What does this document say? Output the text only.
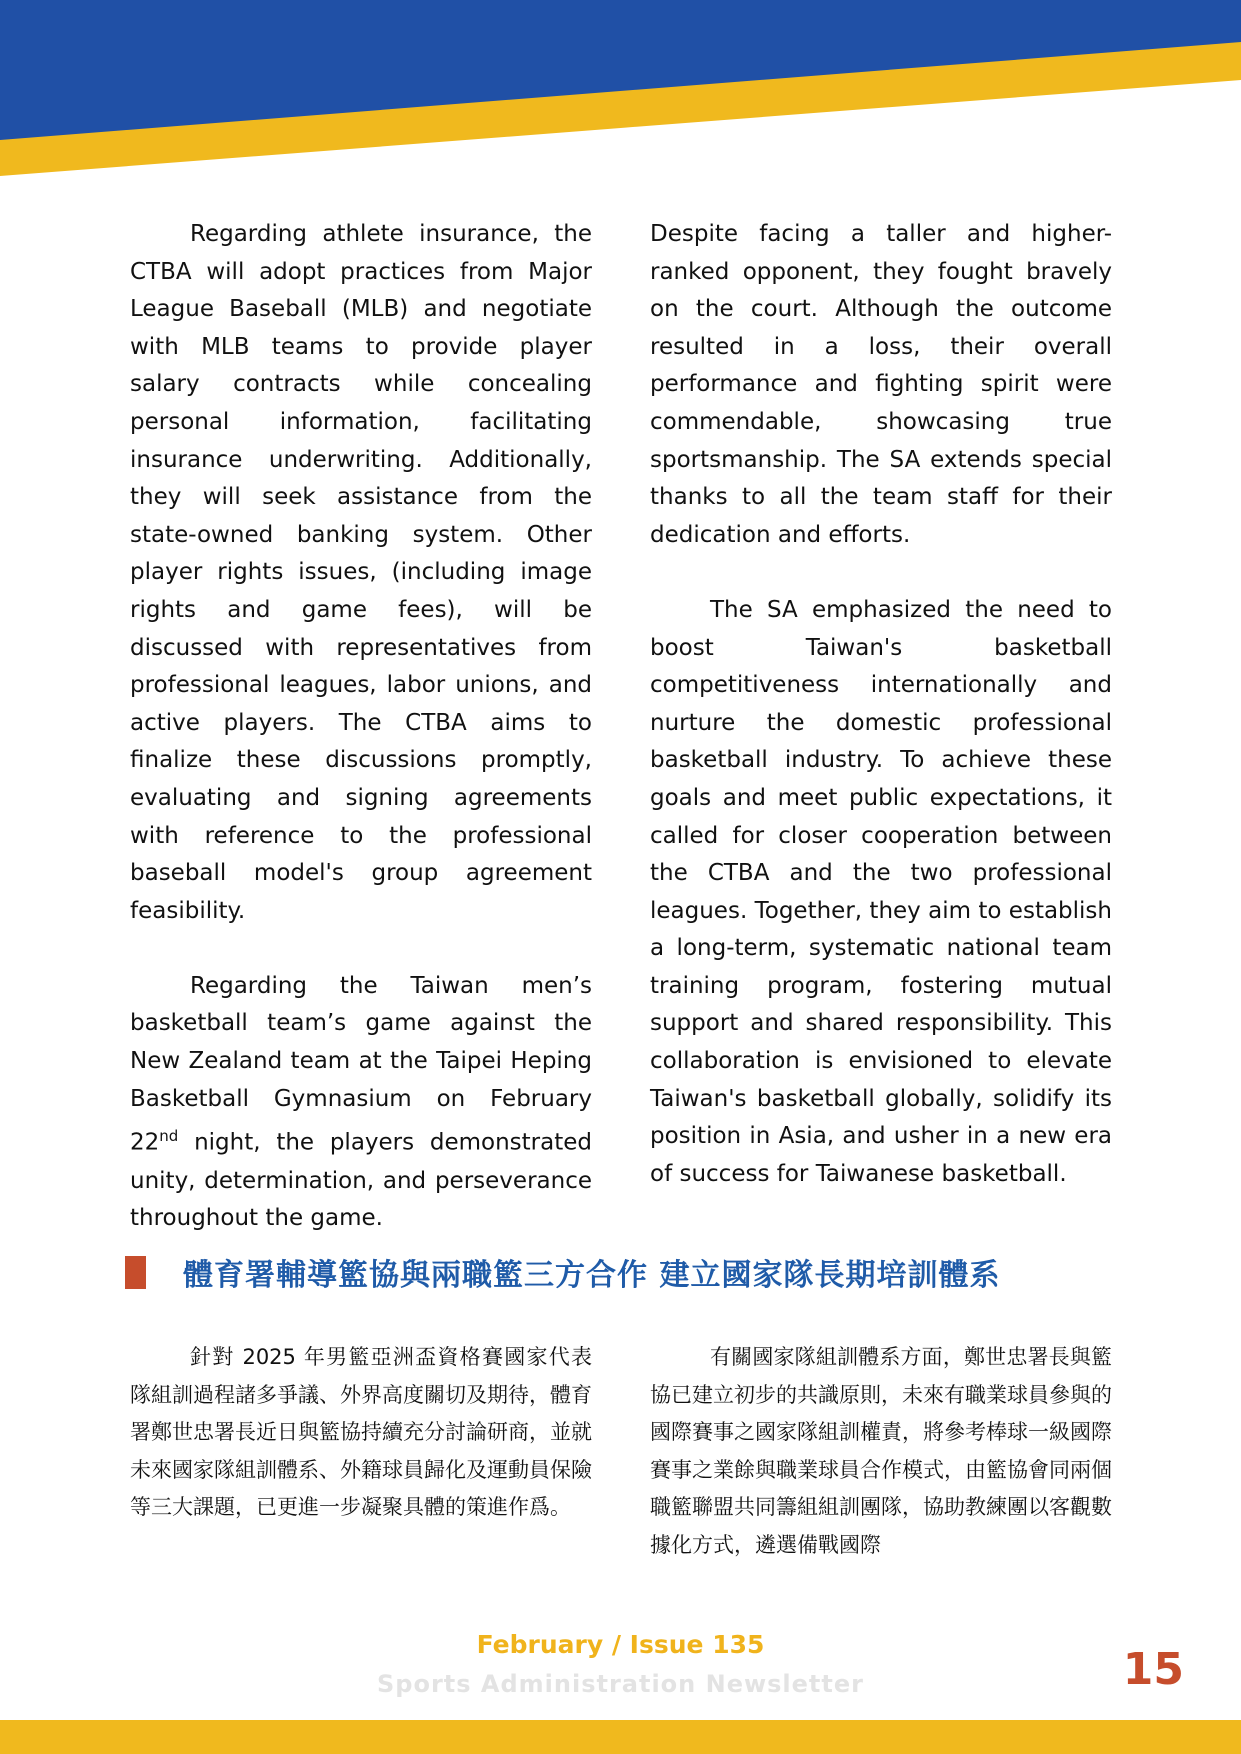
Regarding athlete insurance, the CTBA will adopt practices from Major League Baseball (MLB) and negotiate with MLB teams to provide player salary contracts while concealing personal information, facilitating insurance underwriting. Additionally, they will seek assistance from the state-owned banking system. Other player rights issues, (including image rights and game fees), will be discussed with representatives from professional leagues, labor unions, and active players. The CTBA aims to finalize these discussions promptly, evaluating and signing agreements with reference to the professional baseball model's group agreement feasibility.

Regarding the Taiwan men’s basketball team’s game against the New Zealand team at the Taipei Heping Basketball Gymnasium on February 22nd night, the players demonstrated unity, determination, and perseverance throughout the game.

Despite facing a taller and higher-ranked opponent, they fought bravely on the court. Although the outcome resulted in a loss, their overall performance and fighting spirit were commendable, showcasing true sportsmanship. The SA extends special thanks to all the team staff for their dedication and efforts.

The SA emphasized the need to boost Taiwan's basketball competitiveness internationally and nurture the domestic professional basketball industry. To achieve these goals and meet public expectations, it called for closer cooperation between the CTBA and the two professional leagues. Together, they aim to establish a long-term, systematic national team training program, fostering mutual support and shared responsibility. This collaboration is envisioned to elevate Taiwan's basketball globally, solidify its position in Asia, and usher in a new era of success for Taiwanese basketball.

體育署輔導籃協與兩職籃三方合作 建立國家隊長期培訓體系
針對 2025 年男籃亞洲盃資格賽國家代表隊組訓過程諸多爭議、外界高度關切及期待，體育署鄭世忠署長近日與籃協持續充分討論研商，並就未來國家隊組訓體系、外籍球員歸化及運動員保險等三大課題，已更進一步凝聚具體的策進作爲。
有關國家隊組訓體系方面，鄭世忠署長與籃協已建立初步的共識原則，未來有職業球員參與的國際賽事之國家隊組訓權責，將參考棒球一級國際賽事之業餘與職業球員合作模式，由籃協會同兩個職籃聯盟共同籌組組訓團隊，協助教練團以客觀數據化方式，遴選備戰國際
February / Issue 135
Sports Administration Newsletter	15
